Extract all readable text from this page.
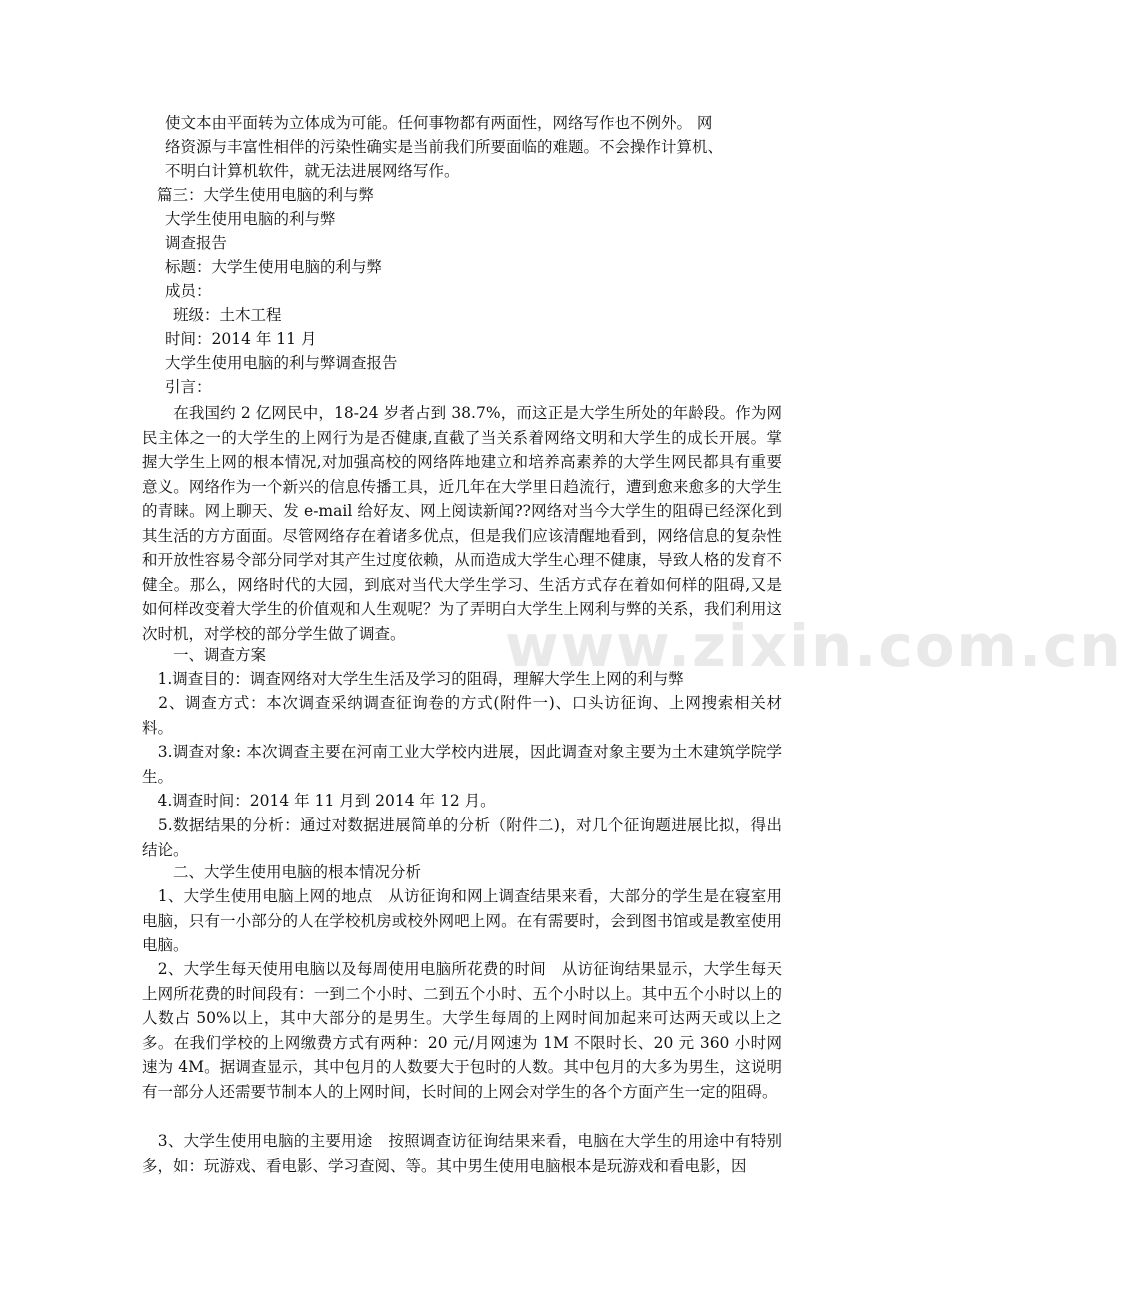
使文本由平面转为立体成为可能。任何事物都有两面性，网络写作也不例外。 网
络资源与丰富性相伴的污染性确实是当前我们所要面临的难题。不会操作计算机、
不明白计算机软件，就无法进展网络写作。
篇三：大学生使用电脑的利与弊
大学生使用电脑的利与弊
调查报告
标题：大学生使用电脑的利与弊
成员：
班级：土木工程
时间：2014 年 11 月
大学生使用电脑的利与弊调查报告
引言：
　　在我国约 2 亿网民中，18-24 岁者占到 38.7%，而这正是大学生所处的年龄段。作为网民主体之一的大学生的上网行为是否健康,直截了当关系着网络文明和大学生的成长开展。掌握大学生上网的根本情况,对加强高校的网络阵地建立和培养高素养的大学生网民都具有重要意义。网络作为一个新兴的信息传播工具，近几年在大学里日趋流行，遭到愈来愈多的大学生的青睐。网上聊天、发 e-mail 给好友、网上阅读新闻??网络对当今大学生的阻碍已经深化到其生活的方方面面。尽管网络存在着诸多优点，但是我们应该清醒地看到，网络信息的复杂性和开放性容易令部分同学对其产生过度依赖，从而造成大学生心理不健康，导致人格的发育不健全。那么，网络时代的大园，到底对当代大学生学习、生活方式存在着如何样的阻碍,又是如何样改变着大学生的价值观和人生观呢？为了弄明白大学生上网利与弊的关系，我们利用这次时机，对学校的部分学生做了调查。
　　一、调查方案
　1.调查目的：调查网络对大学生生活及学习的阻碍，理解大学生上网的利与弊
　2、调查方式：本次调查采纳调查征询卷的方式(附件一)、口头访征询、上网搜索相关材料。
　3.调查对象: 本次调查主要在河南工业大学校内进展，因此调查对象主要为土木建筑学院学生。
　4.调查时间：2014 年 11 月到 2014 年 12 月。
　5.数据结果的分析：通过对数据进展简单的分析（附件二)，对几个征询题进展比拟，得出结论。
　　二、大学生使用电脑的根本情况分析
　1、大学生使用电脑上网的地点　从访征询和网上调查结果来看，大部分的学生是在寝室用电脑，只有一小部分的人在学校机房或校外网吧上网。在有需要时，会到图书馆或是教室使用电脑。
　2、大学生每天使用电脑以及每周使用电脑所花费的时间　从访征询结果显示，大学生每天上网所花费的时间段有：一到二个小时、二到五个小时、五个小时以上。其中五个小时以上的人数占 50%以上，其中大部分的是男生。大学生每周的上网时间加起来可达两天或以上之多。在我们学校的上网缴费方式有两种：20 元/月网速为 1M 不限时长、20 元 360 小时网速为 4M。据调查显示，其中包月的人数要大于包时的人数。其中包月的大多为男生，这说明有一部分人还需要节制本人的上网时间，长时间的上网会对学生的各个方面产生一定的阻碍。
　3、大学生使用电脑的主要用途　按照调查访征询结果来看，电脑在大学生的用途中有特别多，如：玩游戏、看电影、学习查阅、等。其中男生使用电脑根本是玩游戏和看电影，因
www.zixin.com.cn
